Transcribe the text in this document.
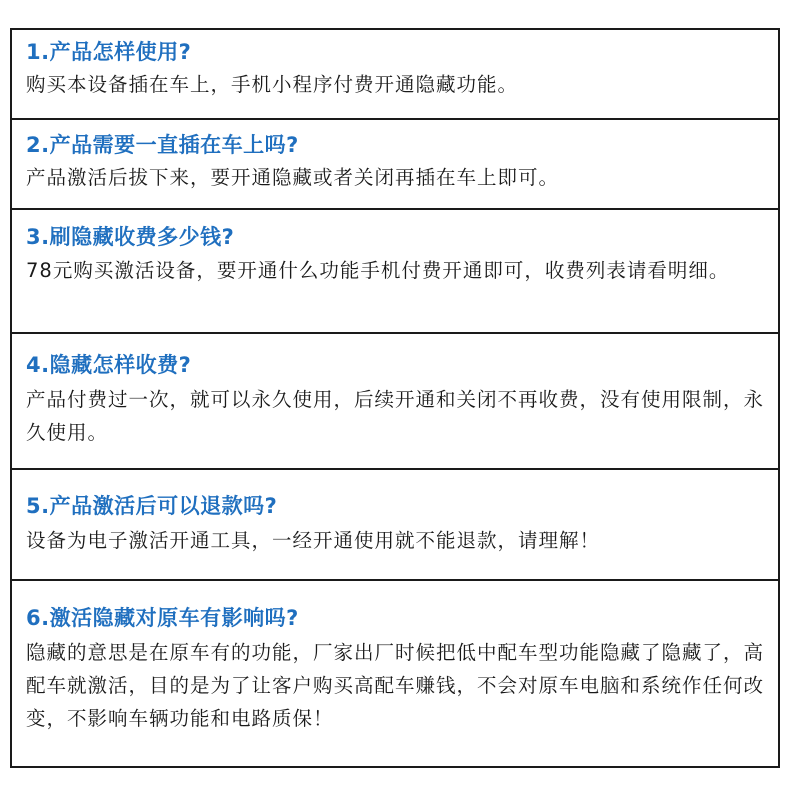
1.产品怎样使用?
购买本设备插在车上，手机小程序付费开通隐藏功能。
2.产品需要一直插在车上吗?
产品激活后拔下来，要开通隐藏或者关闭再插在车上即可。
3.刷隐藏收费多少钱?
78元购买激活设备，要开通什么功能手机付费开通即可，收费列表请看明细。
4.隐藏怎样收费?
产品付费过一次，就可以永久使用，后续开通和关闭不再收费，没有使用限制，永久使用。
5.产品激活后可以退款吗?
设备为电子激活开通工具，一经开通使用就不能退款，请理解！
6.激活隐藏对原车有影响吗?
隐藏的意思是在原车有的功能，厂家出厂时候把低中配车型功能隐藏了隐藏了，高配车就激活，目的是为了让客户购买高配车赚钱，不会对原车电脑和系统作任何改变，不影响车辆功能和电路质保！
